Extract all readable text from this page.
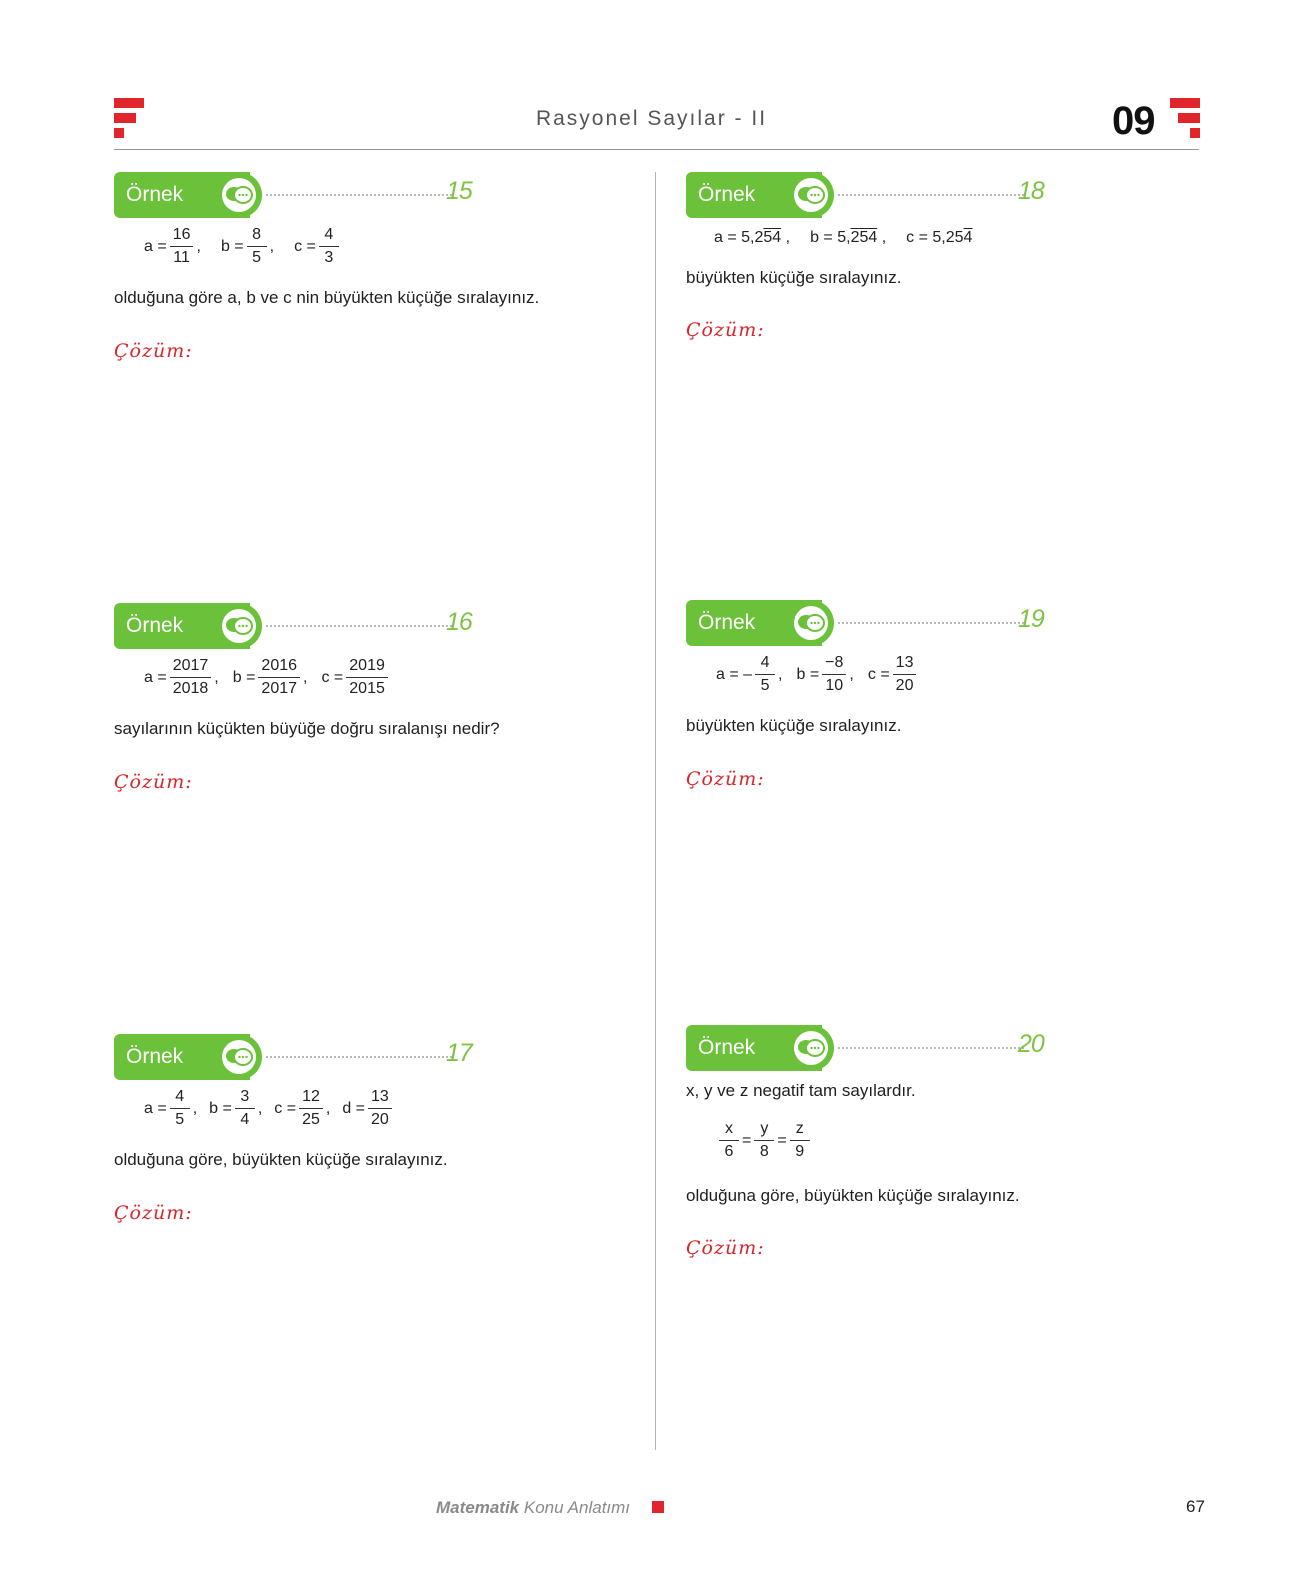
Rasyonel Sayılar - II	09
Örnek	15
$a = \frac{16}{11}$ , $b = \frac{8}{5}$ , $c = \frac{4}{3}$
olduğuna göre a, b ve c nin büyükten küçüğe sıralayınız.
Çözüm:
Örnek	16
$a = \frac{2017}{2018}$ , $b = \frac{2016}{2017}$ , $c = \frac{2019}{2015}$
sayılarının küçükten büyüğe doğru sıralanışı nedir?
Çözüm:
Örnek	17
$a = \frac{4}{5}$ , $b = \frac{3}{4}$ , $c = \frac{12}{25}$ , $d = \frac{13}{20}$
olduğuna göre, büyükten küçüğe sıralayınız.
Çözüm:
Örnek	18
a =
5,2 54 , b =
5, 254 , c =
5,25 4
büyükten küçüğe sıralayınız.
Çözüm:
Örnek	19
a = –
4
5
, $b = \frac{-8}{10}$ , $c = \frac{13}{20}$
büyükten küçüğe sıralayınız.
Çözüm:
Örnek	20
x, y ve z negatif tam sayılardır.
$\frac{x}{6} = \frac{y}{8} = \frac{z}{9}$
olduğuna göre, büyükten küçüğe sıralayınız.
Çözüm:
Matematik Konu Anlatımı	67
